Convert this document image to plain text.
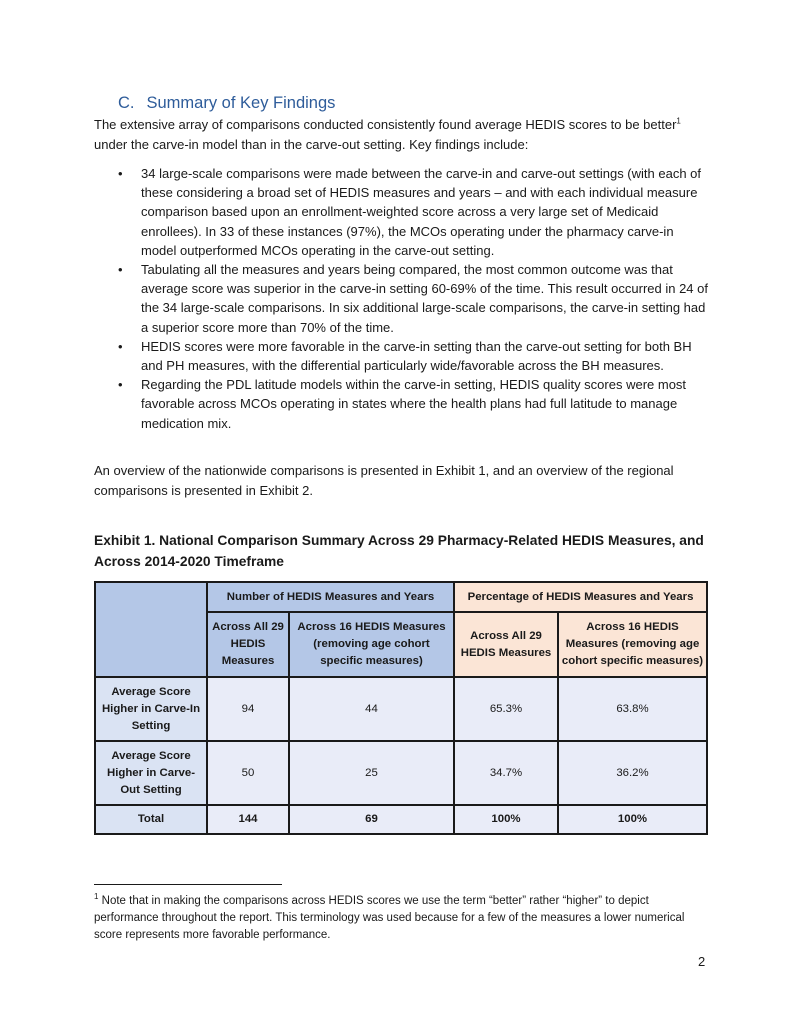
C. Summary of Key Findings
The extensive array of comparisons conducted consistently found average HEDIS scores to be better$^1$ under the carve-in model than in the carve-out setting. Key findings include:
• 34 large-scale comparisons were made between the carve-in and carve-out settings (with each of these considering a broad set of HEDIS measures and years – and with each individual measure comparison based upon an enrollment-weighted score across a very large set of Medicaid enrollees). In 33 of these instances (97%), the MCOs operating under the pharmacy carve-in model outperformed MCOs operating in the carve-out setting.
• Tabulating all the measures and years being compared, the most common outcome was that average score was superior in the carve-in setting 60-69% of the time. This result occurred in 24 of the 34 large-scale comparisons. In six additional large-scale comparisons, the carve-in setting had a superior score more than 70% of the time.
• HEDIS scores were more favorable in the carve-in setting than the carve-out setting for both BH and PH measures, with the differential particularly wide/favorable across the BH measures.
• Regarding the PDL latitude models within the carve-in setting, HEDIS quality scores were most favorable across MCOs operating in states where the health plans had full latitude to manage medication mix.
An overview of the nationwide comparisons is presented in Exhibit 1, and an overview of the regional comparisons is presented in Exhibit 2.
Exhibit 1. National Comparison Summary Across 29 Pharmacy-Related HEDIS Measures, and Across 2014-2020 Timeframe
	Number of HEDIS Measures and Years		Percentage of HEDIS Measures and Years	
	Across All 29 HEDIS Measures	Across 16 HEDIS Measures (removing age cohort specific measures)	Across All 29 HEDIS Measures	Across 16 HEDIS Measures (removing age cohort specific measures)
Average Score Higher in Carve-In Setting	94	44	65.3%	63.8%
Average Score Higher in Carve-Out Setting	50	25	34.7%	36.2%
Total	144	69	100%	100%
$^1$ Note that in making the comparisons across HEDIS scores we use the term “better” rather “higher” to depict performance throughout the report. This terminology was used because for a few of the measures a lower numerical score represents more favorable performance.
2
